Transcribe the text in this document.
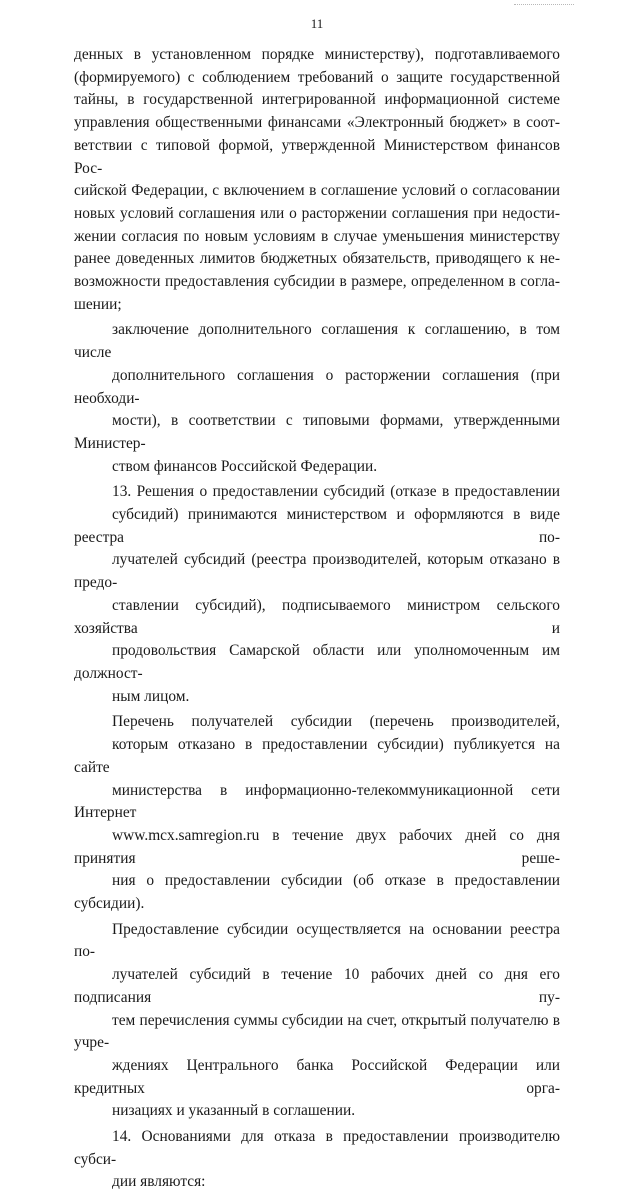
11
денных в установленном порядке министерству), подготавливаемого
(формируемого) с соблюдением требований о защите государственной
тайны, в государственной интегрированной информационной системе
управления общественными финансами «Электронный бюджет» в соот-
ветствии с типовой формой, утвержденной Министерством финансов Рос-
сийской Федерации, с включением в соглашение условий о согласовании
новых условий соглашения или о расторжении соглашения при недости-
жении согласия по новым условиям в случае уменьшения министерству
ранее доведенных лимитов бюджетных обязательств, приводящего к не-
возможности предоставления субсидии в размере, определенном в согла-
шении;
заключение дополнительного соглашения к соглашению, в том числе
дополнительного соглашения о расторжении соглашения (при необходи-
мости), в соответствии с типовыми формами, утвержденными Министер-
ством финансов Российской Федерации.
13. Решения о предоставлении субсидий (отказе в предоставлении
субсидий) принимаются министерством и оформляются в виде реестра по-
лучателей субсидий (реестра производителей, которым отказано в предо-
ставлении субсидий), подписываемого министром сельского хозяйства и
продовольствия Самарской области или уполномоченным им должност-
ным лицом.
Перечень получателей субсидии (перечень производителей,
которым отказано в предоставлении субсидии) публикуется на сайте
министерства в информационно-телекоммуникационной сети Интернет
www.mcx.samregion.ru в течение двух рабочих дней со дня принятия реше-
ния о предоставлении субсидии (об отказе в предоставлении субсидии).
Предоставление субсидии осуществляется на основании реестра по-
лучателей субсидий в течение 10 рабочих дней со дня его подписания пу-
тем перечисления суммы субсидии на счет, открытый получателю в учре-
ждениях Центрального банка Российской Федерации или кредитных орга-
низациях и указанный в соглашении.
14. Основаниями для отказа в предоставлении производителю субси-
дии являются:
